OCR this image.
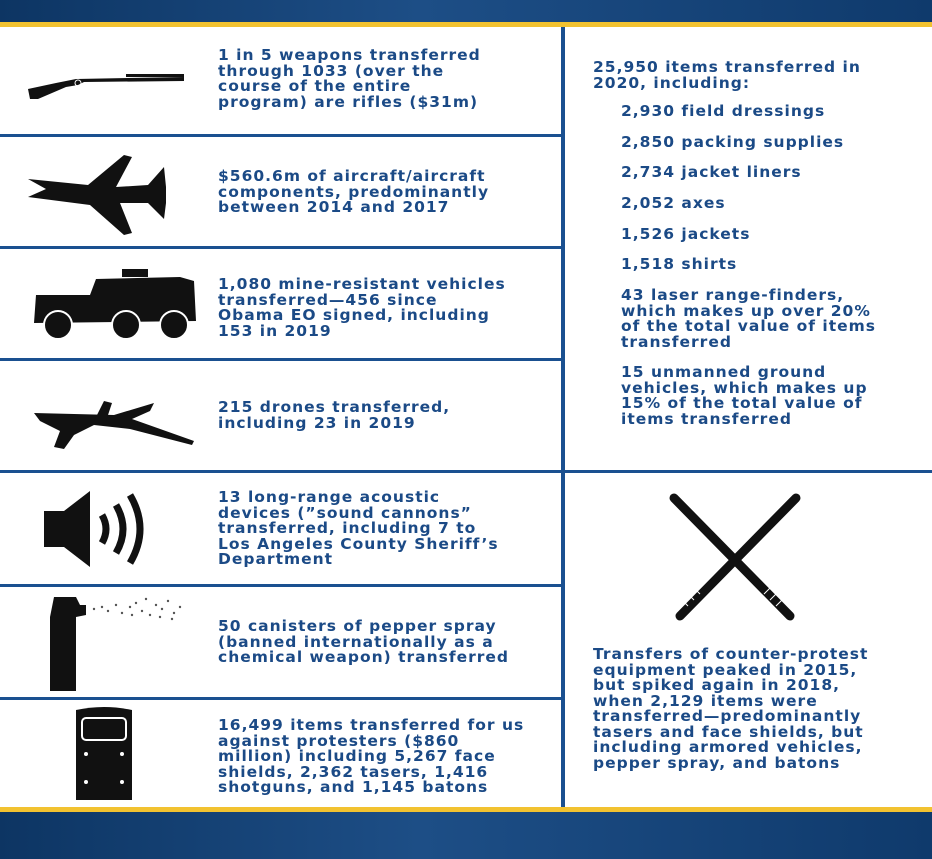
1 in 5 weapons transferred
through 1033 (over the
course of the entire
program) are rifles ($31m)

$560.6m of aircraft/aircraft
components, predominantly
between 2014 and 2017

1,080 mine-resistant vehicles
transferred—456 since
Obama EO signed, including
153 in 2019

215 drones transferred,
including 23 in 2019

13 long-range acoustic
devices (”sound cannons”
transferred, including 7 to
Los Angeles County Sheriff’s
Department

50 canisters of pepper spray
(banned internationally as a
chemical weapon) transferred

16,499 items transferred for us
against protesters ($860
million) including 5,267 face
shields, 2,362 tasers, 1,416
shotguns, and 1,145 batons

25,950 items transferred in
2020, including:

2,930 field dressings

2,850 packing supplies

2,734 jacket liners

2,052 axes

1,526 jackets

1,518 shirts

43 laser range-finders,
which makes up over 20%
of the total value of items
transferred

15 unmanned ground
vehicles, which makes up
15% of the total value of
items transferred

Transfers of counter-protest
equipment peaked in 2015,
but spiked again in 2018,
when 2,129 items were
transferred—predominantly
tasers and face shields, but
including armored vehicles,
pepper spray, and batons
